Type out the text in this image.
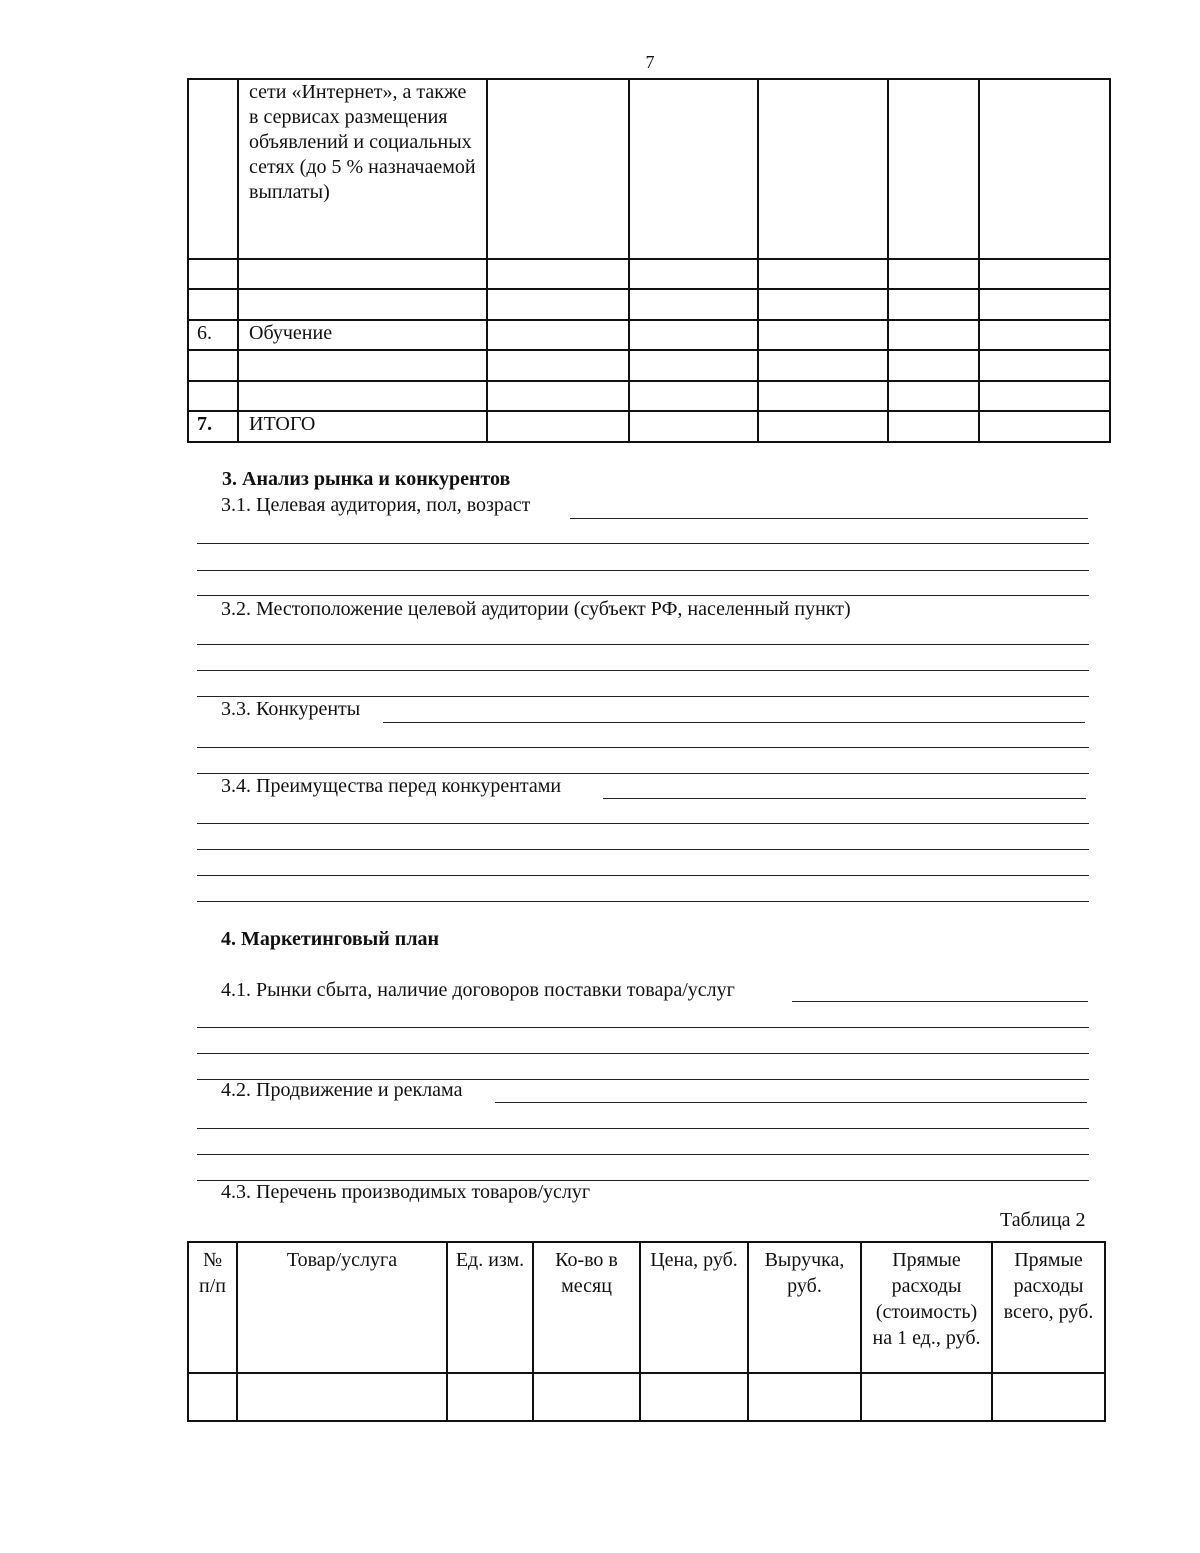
7
	сети «Интернет», а также в сервисах размещения объявлений и социальных сетях (до 5 % назначаемой выплаты)					

6.	Обучение					

7.	ИТОГО					
3. Анализ рынка и конкурентов
3.1. Целевая аудитория, пол, возраст
3.2. Местоположение целевой аудитории (субъект РФ, населенный пункт)
3.3. Конкуренты
3.4. Преимущества перед конкурентами
4. Маркетинговый план
4.1. Рынки сбыта, наличие договоров поставки товара/услуг
4.2. Продвижение и реклама
4.3. Перечень производимых товаров/услуг
Таблица 2
№ п/п	Товар/услуга	Ед. изм.	Ко-во в месяц	Цена, руб.	Выручка, руб.	Прямые расходы (стоимость) на 1 ед., руб.	Прямые расходы всего, руб.
